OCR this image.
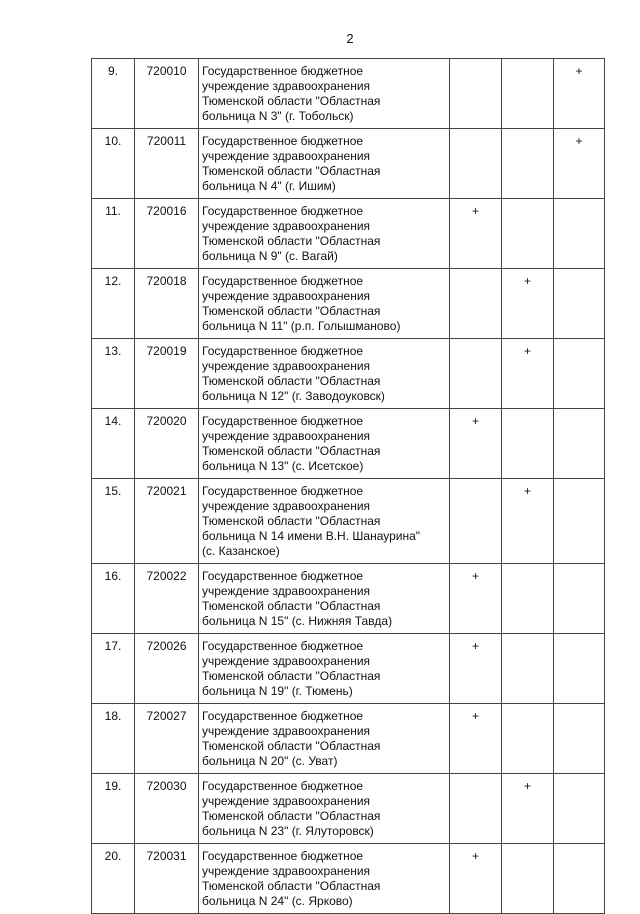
2
9.	720010	Государственное бюджетное
учреждение здравоохранения
Тюменской области "Областная
больница N 3" (г. Тобольск)			+
10.	720011	Государственное бюджетное
учреждение здравоохранения
Тюменской области "Областная
больница N 4" (г. Ишим)			+
11.	720016	Государственное бюджетное
учреждение здравоохранения
Тюменской области "Областная
больница N 9" (с. Вагай)	+		
12.	720018	Государственное бюджетное
учреждение здравоохранения
Тюменской области "Областная
больница N 11" (р.п. Голышманово)		+	
13.	720019	Государственное бюджетное
учреждение здравоохранения
Тюменской области "Областная
больница N 12" (г. Заводоуковск)		+	
14.	720020	Государственное бюджетное
учреждение здравоохранения
Тюменской области "Областная
больница N 13" (с. Исетское)	+		
15.	720021	Государственное бюджетное
учреждение здравоохранения
Тюменской области "Областная
больница N 14 имени В.Н. Шанаурина"
(с. Казанское)		+	
16.	720022	Государственное бюджетное
учреждение здравоохранения
Тюменской области "Областная
больница N 15" (с. Нижняя Тавда)	+		
17.	720026	Государственное бюджетное
учреждение здравоохранения
Тюменской области "Областная
больница N 19" (г. Тюмень)	+		
18.	720027	Государственное бюджетное
учреждение здравоохранения
Тюменской области "Областная
больница N 20" (с. Уват)	+		
19.	720030	Государственное бюджетное
учреждение здравоохранения
Тюменской области "Областная
больница N 23" (г. Ялуторовск)		+	
20.	720031	Государственное бюджетное
учреждение здравоохранения
Тюменской области "Областная
больница N 24" (с. Ярково)	+		
